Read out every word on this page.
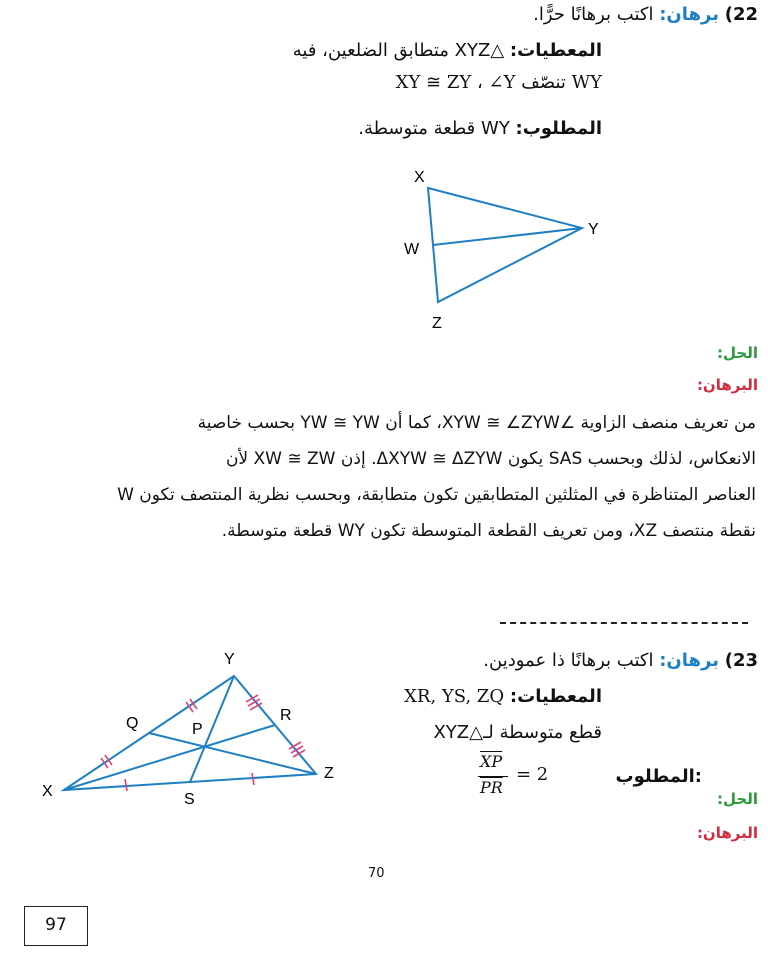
22) برهان: اكتب برهانًا حرًّا.
المعطيات: △XYZ متطابق الضلعين، فيه
XY ≅ ZY ، ∠Y تنصّف WY
المطلوب: WY قطعة متوسطة.
X
Y
W
Z
الحل:
البرهان:
من تعريف منصف الزاوية ∠XYW ≅ ∠ZYW، كما أن YW ≅ YW بحسب خاصية
الانعكاس، لذلك وبحسب SAS يكون ΔXYW ≅ ΔZYW. إذن XW ≅ ZW لأن
العناصر المتناظرة في المثلثين المتطابقين تكون متطابقة، وبحسب نظرية المنتصف تكون W
نقطة منتصف XZ، ومن تعريف القطعة المتوسطة تكون WY قطعة متوسطة.
23) برهان: اكتب برهانًا ذا عمودين.
المعطيات: XR, YS, ZQ
قطع متوسطة لـ△XYZ
المطلوب:
$\overline{XP}$
$\overline{PR}$
= 2
الحل:
البرهان:
Y
Q	P
R
X	S
Z
70
97
